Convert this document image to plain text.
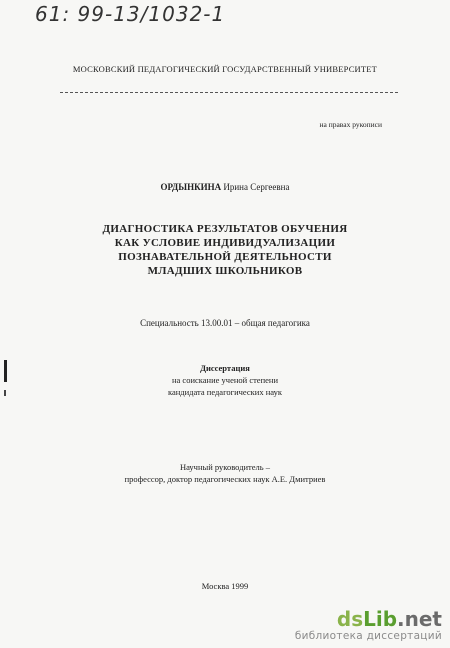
61: 99-13/1032-1
МОСКОВСКИЙ ПЕДАГОГИЧЕСКИЙ ГОСУДАРСТВЕННЫЙ УНИВЕРСИТЕТ
на правах рукописи
ОРДЫНКИНА Ирина Сергеевна
ДИАГНОСТИКА РЕЗУЛЬТАТОВ ОБУЧЕНИЯ
КАК УСЛОВИЕ ИНДИВИДУАЛИЗАЦИИ
ПОЗНАВАТЕЛЬНОЙ ДЕЯТЕЛЬНОСТИ
МЛАДШИХ ШКОЛЬНИКОВ
Специальность 13.00.01 – общая педагогика
Диссертация
на соискание ученой степени
кандидата педагогических наук
Научный руководитель –
профессор, доктор педагогических наук А.Е. Дмитриев
Москва 1999
dsLib.net
библиотека диссертаций
